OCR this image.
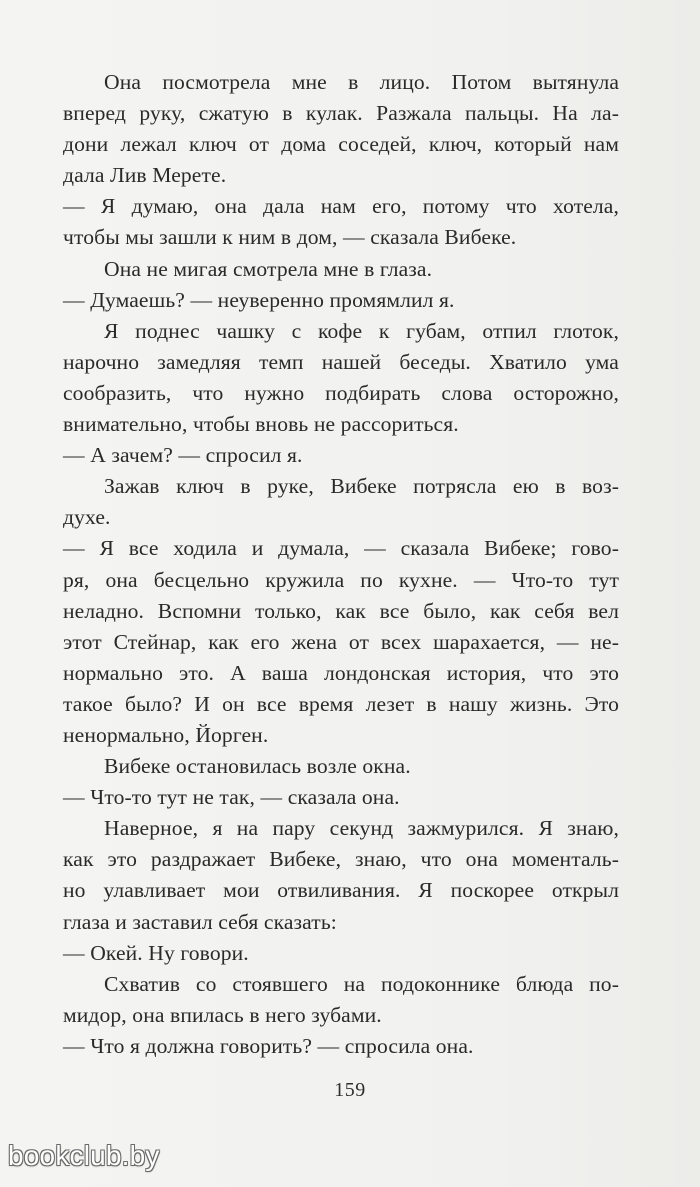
Она посмотрела мне в лицо. Потом вытянула
вперед руку, сжатую в кулак. Разжала пальцы. На ла-
дони лежал ключ от дома соседей, ключ, который нам
дала Лив Мерете.
— Я думаю, она дала нам его, потому что хотела,
чтобы мы зашли к ним в дом, — сказала Вибеке.
Она не мигая смотрела мне в глаза.
— Думаешь? — неуверенно промямлил я.
Я поднес чашку с кофе к губам, отпил глоток,
нарочно замедляя темп нашей беседы. Хватило ума
сообразить, что нужно подбирать слова осторожно,
внимательно, чтобы вновь не рассориться.
— А зачем? — спросил я.
Зажав ключ в руке, Вибеке потрясла ею в воз-
духе.
— Я все ходила и думала, — сказала Вибеке; гово-
ря, она бесцельно кружила по кухне. — Что-то тут
неладно. Вспомни только, как все было, как себя вел
этот Стейнар, как его жена от всех шарахается, — не-
нормально это. А ваша лондонская история, что это
такое было? И он все время лезет в нашу жизнь. Это
ненормально, Йорген.
Вибеке остановилась возле окна.
— Что-то тут не так, — сказала она.
Наверное, я на пару секунд зажмурился. Я знаю,
как это раздражает Вибеке, знаю, что она моменталь-
но улавливает мои отвиливания. Я поскорее открыл
глаза и заставил себя сказать:
— Окей. Ну говори.
Схватив со стоявшего на подоконнике блюда по-
мидор, она впилась в него зубами.
— Что я должна говорить? — спросила она.
159
bookclub.by
